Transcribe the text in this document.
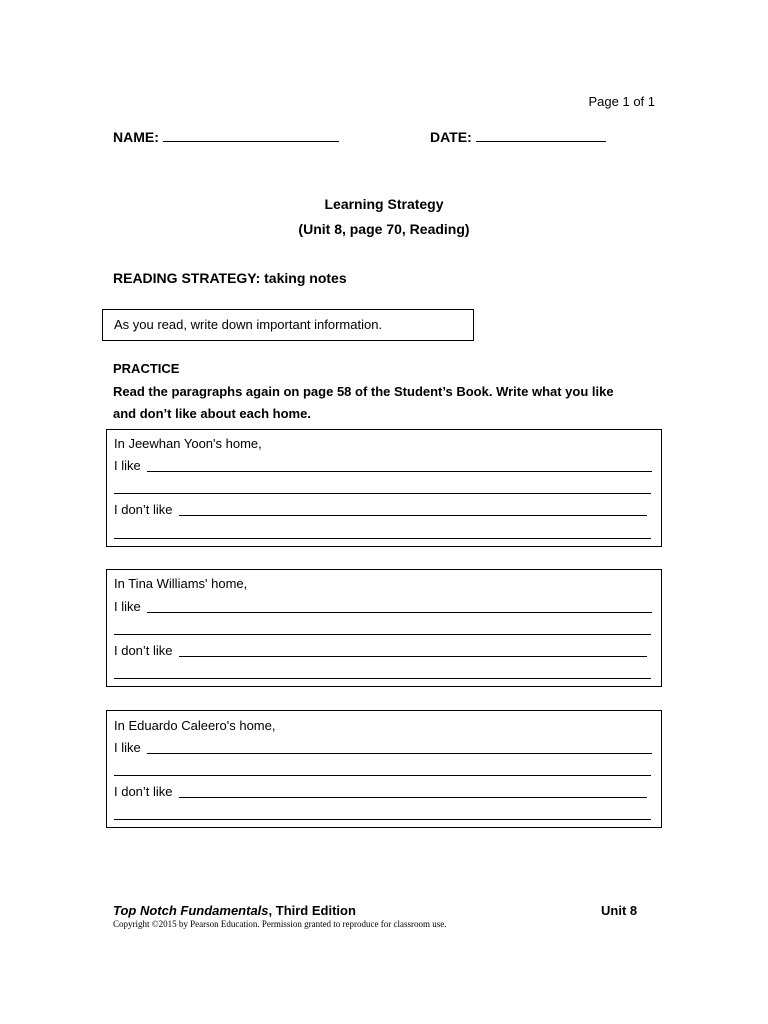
Page 1 of 1
NAME:	DATE:
Learning Strategy
(Unit 8, page 70, Reading)
READING STRATEGY: taking notes
As you read, write down important information.
PRACTICE
Read the paragraphs again on page 58 of the Student’s Book. Write what you like
and don’t like about each home.
In Jeewhan Yoon's home,
I like
I don’t like
In Tina Williams' home,
I like
I don’t like
In Eduardo Caleero's home,
I like
I don’t like
Top Notch Fundamentals, Third Edition	Unit 8
Copyright ©2015 by Pearson Education. Permission granted to reproduce for classroom use.
